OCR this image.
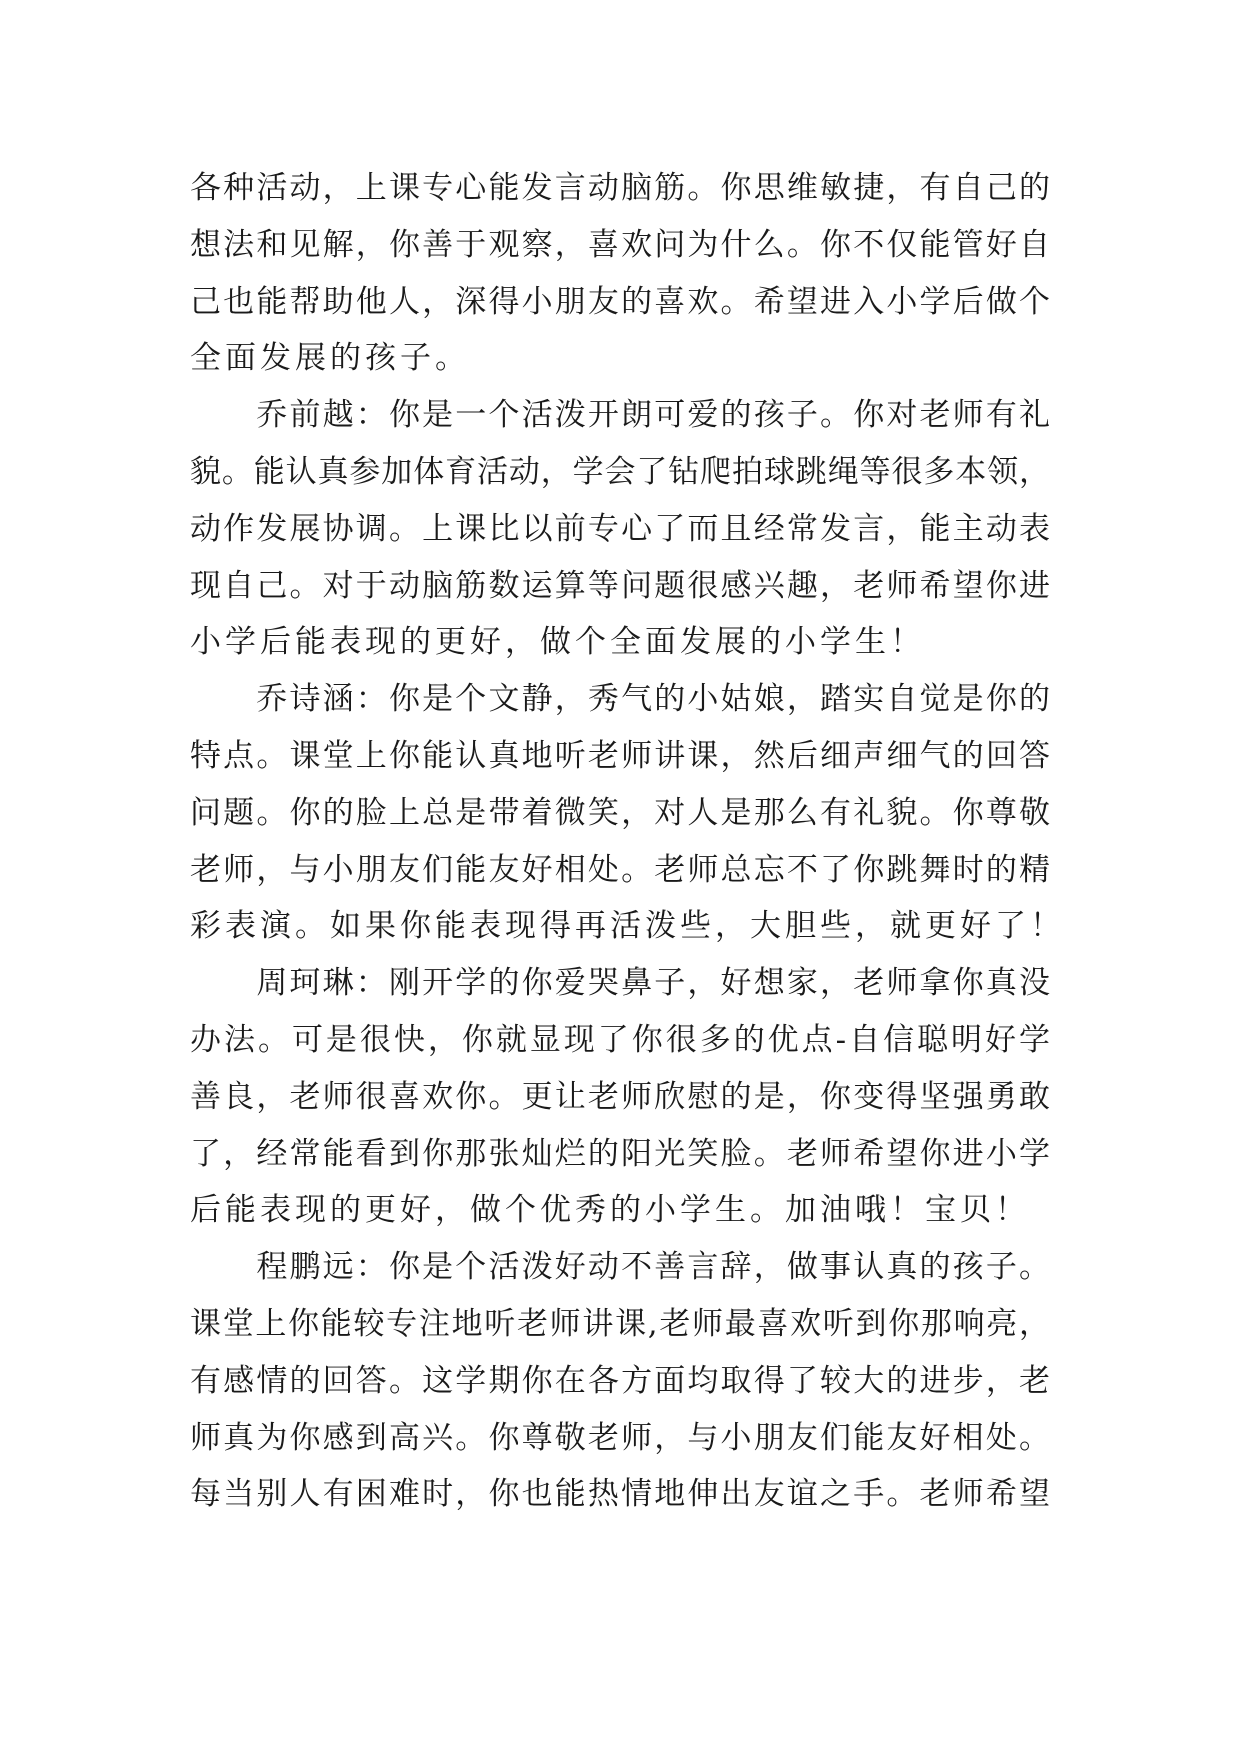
各种活动，上课专心能发言动脑筋。你思维敏捷，有自己的
想法和见解，你善于观察，喜欢问为什么。你不仅能管好自
己也能帮助他人，深得小朋友的喜欢。希望进入小学后做个
全面发展的孩子。
　　乔前越：你是一个活泼开朗可爱的孩子。你对老师有礼
貌。能认真参加体育活动，学会了钻爬拍球跳绳等很多本领，
动作发展协调。上课比以前专心了而且经常发言，能主动表
现自己。对于动脑筋数运算等问题很感兴趣，老师希望你进
小学后能表现的更好，做个全面发展的小学生！
　　乔诗涵：你是个文静，秀气的小姑娘，踏实自觉是你的
特点。课堂上你能认真地听老师讲课，然后细声细气的回答
问题。你的脸上总是带着微笑，对人是那么有礼貌。你尊敬
老师，与小朋友们能友好相处。老师总忘不了你跳舞时的精
彩表演。如果你能表现得再活泼些，大胆些，就更好了！
　　周珂琳：刚开学的你爱哭鼻子，好想家，老师拿你真没
办法。可是很快，你就显现了你很多的优点-自信聪明好学
善良，老师很喜欢你。更让老师欣慰的是，你变得坚强勇敢
了，经常能看到你那张灿烂的阳光笑脸。老师希望你进小学
后能表现的更好，做个优秀的小学生。加油哦！宝贝！
　　程鹏远：你是个活泼好动不善言辞，做事认真的孩子。
课堂上你能较专注地听老师讲课,老师最喜欢听到你那响亮，
有感情的回答。这学期你在各方面均取得了较大的进步，老
师真为你感到高兴。你尊敬老师，与小朋友们能友好相处。
每当别人有困难时，你也能热情地伸出友谊之手。老师希望
